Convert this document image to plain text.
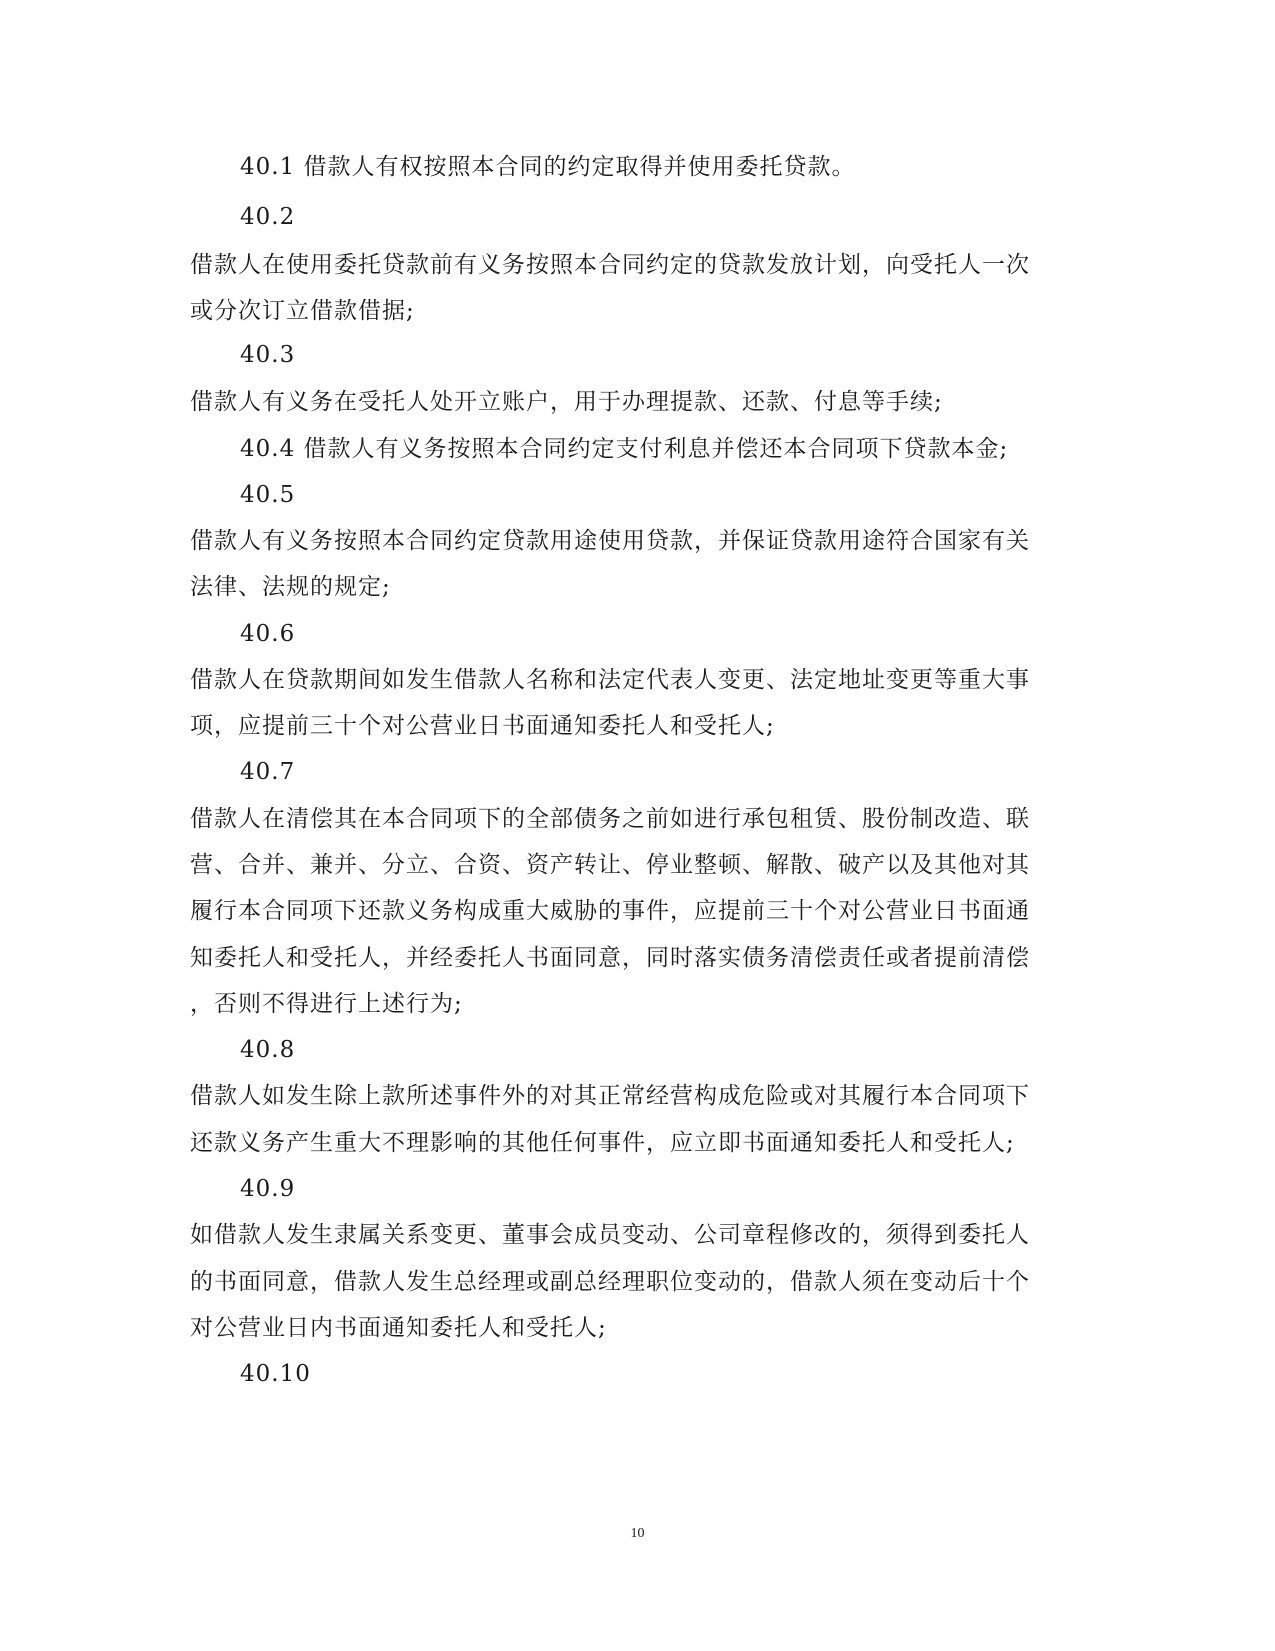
40.1 借款人有权按照本合同的约定取得并使用委托贷款。
40.2
借款人在使用委托贷款前有义务按照本合同约定的贷款发放计划，向受托人一次
或分次订立借款借据;
40.3
借款人有义务在受托人处开立账户，用于办理提款、还款、付息等手续;
40.4 借款人有义务按照本合同约定支付利息并偿还本合同项下贷款本金;
40.5
借款人有义务按照本合同约定贷款用途使用贷款，并保证贷款用途符合国家有关
法律、法规的规定;
40.6
借款人在贷款期间如发生借款人名称和法定代表人变更、法定地址变更等重大事
项，应提前三十个对公营业日书面通知委托人和受托人;
40.7
借款人在清偿其在本合同项下的全部债务之前如进行承包租赁、股份制改造、联
营、合并、兼并、分立、合资、资产转让、停业整顿、解散、破产以及其他对其
履行本合同项下还款义务构成重大威胁的事件，应提前三十个对公营业日书面通
知委托人和受托人，并经委托人书面同意，同时落实债务清偿责任或者提前清偿
，否则不得进行上述行为;
40.8
借款人如发生除上款所述事件外的对其正常经营构成危险或对其履行本合同项下
还款义务产生重大不理影响的其他任何事件，应立即书面通知委托人和受托人;
40.9
如借款人发生隶属关系变更、董事会成员变动、公司章程修改的，须得到委托人
的书面同意，借款人发生总经理或副总经理职位变动的，借款人须在变动后十个
对公营业日内书面通知委托人和受托人;
40.10
10
